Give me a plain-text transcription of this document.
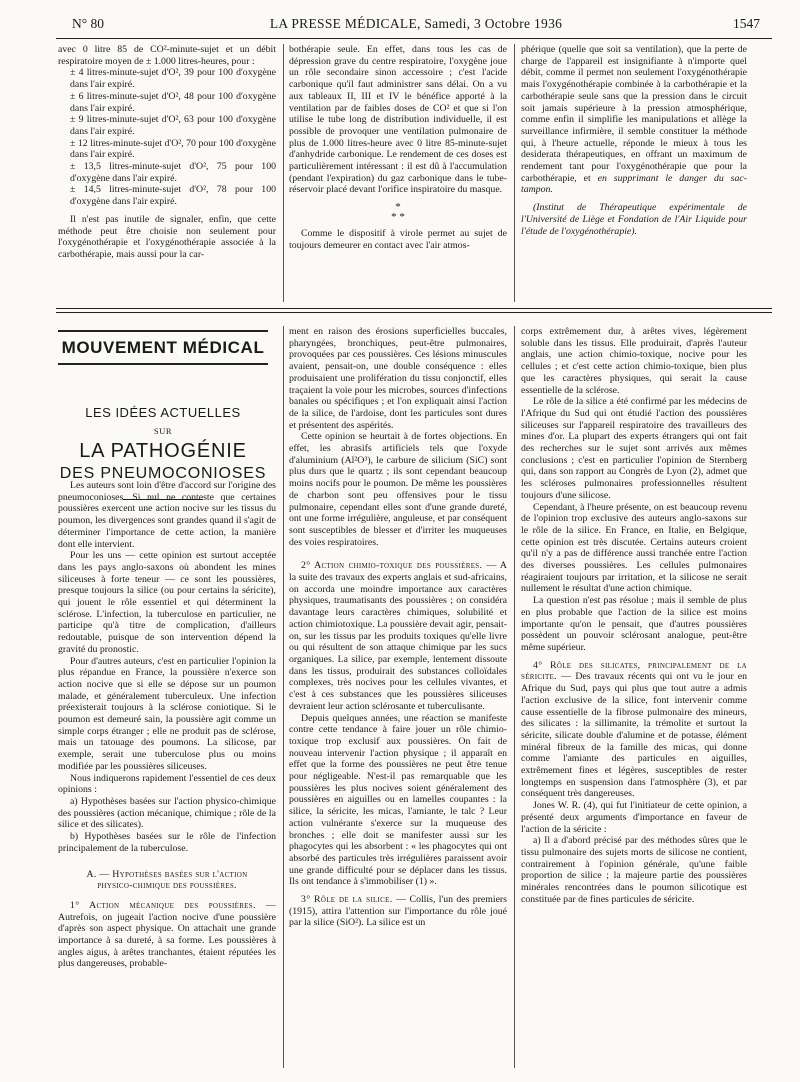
N° 80	LA PRESSE MÉDICALE, Samedi, 3 Octobre 1936	1547

avec 0 litre 85 de CO²-minute-sujet et un débit respiratoire moyen de ± 1.000 litres-heures, pour :

± 4 litres-minute-sujet d'O², 39 pour 100 d'oxygène dans l'air expiré.

± 6 litres-minute-sujet d'O², 48 pour 100 d'oxygène dans l'air expiré.

± 9 litres-minute-sujet d'O², 63 pour 100 d'oxygène dans l'air expiré.

± 12 litres-minute-sujet d'O², 70 pour 100 d'oxygène dans l'air expiré.

± 13,5 litres-minute-sujet d'O², 75 pour 100 d'oxygène dans l'air expiré.

± 14,5 litres-minute-sujet d'O², 78 pour 100 d'oxygène dans l'air expiré.

Il n'est pas inutile de signaler, enfin, que cette méthode peut être choisie non seulement pour l'oxygénothérapie et l'oxygénothérapie associée à la carbothérapie, mais aussi pour la car-

bothérapie seule. En effet, dans tous les cas de dépression grave du centre respiratoire, l'oxygène joue un rôle secondaire sinon accessoire ; c'est l'acide carbonique qu'il faut administrer sans délai. On a vu aux tableaux II, III et IV le bénéfice apporté à la ventilation par de faibles doses de CO² et que si l'on utilise le tube long de distribution individuelle, il est possible de provoquer une ventilation pulmonaire de plus de 1.000 litres-heure avec 0 litre 85-minute-sujet d'anhydride carbonique. Le rendement de ces doses est particulièrement intéressant : il est dû à l'accumulation (pendant l'expiration) du gaz carbonique dans le tube-réservoir placé devant l'orifice inspiratoire du masque.

*
* *

Comme le dispositif à virole permet au sujet de toujours demeurer en contact avec l'air atmos-

phérique (quelle que soit sa ventilation), que la perte de charge de l'appareil est insignifiante à n'importe quel débit, comme il permet non seulement l'oxygénothérapie mais l'oxygénothérapie combinée à la carbothérapie et la carbothérapie seule sans que la pression dans le circuit soit jamais supérieure à la pression atmosphérique, comme enfin il simplifie les manipulations et allège la surveillance infirmière, il semble constituer la méthode qui, à l'heure actuelle, réponde le mieux à tous les desiderata thérapeutiques, en offrant un maximum de rendement tant pour l'oxygénothérapie que pour la carbothérapie, et en supprimant le danger du sac-tampon.

(Institut de Thérapeutique expérimentale de l'Université de Liège et Fondation de l'Air Liquide pour l'étude de l'oxygénothérapie).

MOUVEMENT MÉDICAL
LES IDÉES ACTUELLES
SUR
LA PATHOGÉNIE
DES PNEUMOCONIOSES

Les auteurs sont loin d'être d'accord sur l'origine des pneumoconioses. Si nul ne conteste que certaines poussières exercent une action nocive sur les tissus du poumon, les divergences sont grandes quand il s'agit de déterminer l'importance de cette action, la manière dont elle intervient.

Pour les uns — cette opinion est surtout acceptée dans les pays anglo-saxons où abondent les mines siliceuses à forte teneur — ce sont les poussières, presque toujours la silice (ou pour certains la séricite), qui jouent le rôle essentiel et qui déterminent la sclérose. L'infection, la tuberculose en particulier, ne participe qu'à titre de complication, d'ailleurs redoutable, puisque de son intervention dépend la gravité du pronostic.

Pour d'autres auteurs, c'est en particulier l'opinion la plus répandue en France, la poussière n'exerce son action nocive que si elle se dépose sur un poumon malade, et généralement tuberculeux. Une infection préexisterait toujours à la sclérose coniotique. Si le poumon est demeuré sain, la poussière agit comme un simple corps étranger ; elle ne produit pas de sclérose, mais un tatouage des poumons. La silicose, par exemple, serait une tuberculose plus ou moins modifiée par les poussières siliceuses.

Nous indiquerons rapidement l'essentiel de ces deux opinions :

a) Hypothèses basées sur l'action physico-chimique des poussières (action mécanique, chimique ; rôle de la silice et des silicates).

b) Hypothèses basées sur le rôle de l'infection principalement de la tuberculose.

A. — Hypothèses basées sur l'action

physico-chimique des poussières.

1° Action mécanique des poussières. — Autrefois, on jugeait l'action nocive d'une poussière d'après son aspect physique. On attachait une grande importance à sa dureté, à sa forme. Les poussières à angles aigus, à arêtes tranchantes, étaient réputées les plus dangereuses, probable-

ment en raison des érosions superficielles buccales, pharyngées, bronchiques, peut-être pulmonaires, provoquées par ces poussières. Ces lésions minuscules avaient, pensait-on, une double conséquence : elles produisaient une prolifération du tissu conjonctif, elles traçaient la voie pour les microbes, sources d'infections banales ou spécifiques ; et l'on expliquait ainsi l'action de la silice, de l'ardoise, dont les particules sont dures et présentent des aspérités.

Cette opinion se heurtait à de fortes objections. En effet, les abrasifs artificiels tels que l'oxyde d'aluminium (Al²O³), le carbure de silicium (SiC) sont plus durs que le quartz ; ils sont cependant beaucoup moins nocifs pour le poumon. De même les poussières de charbon sont peu offensives pour le tissu pulmonaire, cependant elles sont d'une grande dureté, ont une forme irrégulière, anguleuse, et par conséquent sont susceptibles de blesser et d'irriter les muqueuses des voies respiratoires.

2° Action chimio-toxique des poussières. — A la suite des travaux des experts anglais et sud-africains, on accorda une moindre importance aux caractères physiques, traumatisants des poussières ; on considéra davantage leurs caractères chimiques, solubilité et action chimiotoxique. La poussière devait agir, pensait-on, sur les tissus par les produits toxiques qu'elle livre ou qui résultent de son attaque chimique par les sucs organiques. La silice, par exemple, lentement dissoute dans les tissus, produirait des substances colloïdales complexes, très nocives pour les cellules vivantes, et c'est à ces substances que les poussières siliceuses devraient leur action sclérosante et tuberculisante.

Depuis quelques années, une réaction se manifeste contre cette tendance à faire jouer un rôle chimio-toxique trop exclusif aux poussières. On fait de nouveau intervenir l'action physique ; il apparaît en effet que la forme des poussières ne peut être tenue pour négligeable. N'est-il pas remarquable que les poussières les plus nocives soient généralement des poussières en aiguilles ou en lamelles coupantes : la silice, la séricite, les micas, l'amiante, le talc ? Leur action vulnérante s'exerce sur la muqueuse des bronches ; elle doit se manifester aussi sur les phagocytes qui les absorbent : « les phagocytes qui ont absorbé des particules très irrégulières paraissent avoir une grande difficulté pour se déplacer dans les tissus. Ils ont tendance à s'immobiliser (1) ».

3° Rôle de la silice. — Collis, l'un des premiers (1915), attira l'attention sur l'importance du rôle joué par la silice (SiO²). La silice est un

corps extrêmement dur, à arêtes vives, légèrement soluble dans les tissus. Elle produirait, d'après l'auteur anglais, une action chimio-toxique, nocive pour les cellules ; et c'est cette action chimio-toxique, bien plus que les caractères physiques, qui serait la cause essentielle de la sclérose.

Le rôle de la silice a été confirmé par les médecins de l'Afrique du Sud qui ont étudié l'action des poussières siliceuses sur l'appareil respiratoire des travailleurs des mines d'or. La plupart des experts étrangers qui ont fait des recherches sur le sujet sont arrivés aux mêmes conclusions ; c'est en particulier l'opinion de Sternberg qui, dans son rapport au Congrès de Lyon (2), admet que les scléroses pulmonaires professionnelles résultent toujours d'une silicose.

Cependant, à l'heure présente, on est beaucoup revenu de l'opinion trop exclusive des auteurs anglo-saxons sur le rôle de la silice. En France, en Italie, en Belgique, cette opinion est très discutée. Certains auteurs croient qu'il n'y a pas de différence aussi tranchée entre l'action des diverses poussières. Les cellules pulmonaires réagiraient toujours par irritation, et la silicose ne serait nullement le résultat d'une action chimique.

La question n'est pas résolue ; mais il semble de plus en plus probable que l'action de la silice est moins importante qu'on le pensait, que d'autres poussières possèdent un pouvoir sclérosant analogue, peut-être même supérieur.

4° Rôle des silicates, principalement de la séricite. — Des travaux récents qui ont vu le jour en Afrique du Sud, pays qui plus que tout autre a admis l'action exclusive de la silice, font intervenir comme cause essentielle de la fibrose pulmonaire des mineurs, des silicates : la sillimanite, la trémolite et surtout la séricite, silicate double d'alumine et de potasse, élément minéral fibreux de la famille des micas, qui donne comme l'amiante des particules en aiguilles, extrêmement fines et légères, susceptibles de rester longtemps en suspension dans l'atmosphère (3), et par conséquent très dangereuses.

Jones W. R. (4), qui fut l'initiateur de cette opinion, a présenté deux arguments d'importance en faveur de l'action de la séricite :

a) Il a d'abord précisé par des méthodes sûres que le tissu pulmonaire des sujets morts de silicose ne contient, contrairement à l'opinion générale, qu'une faible proportion de silice ; la majeure partie des poussières minérales rencontrées dans le poumon silicotique est constituée par de fines particules de séricite.
